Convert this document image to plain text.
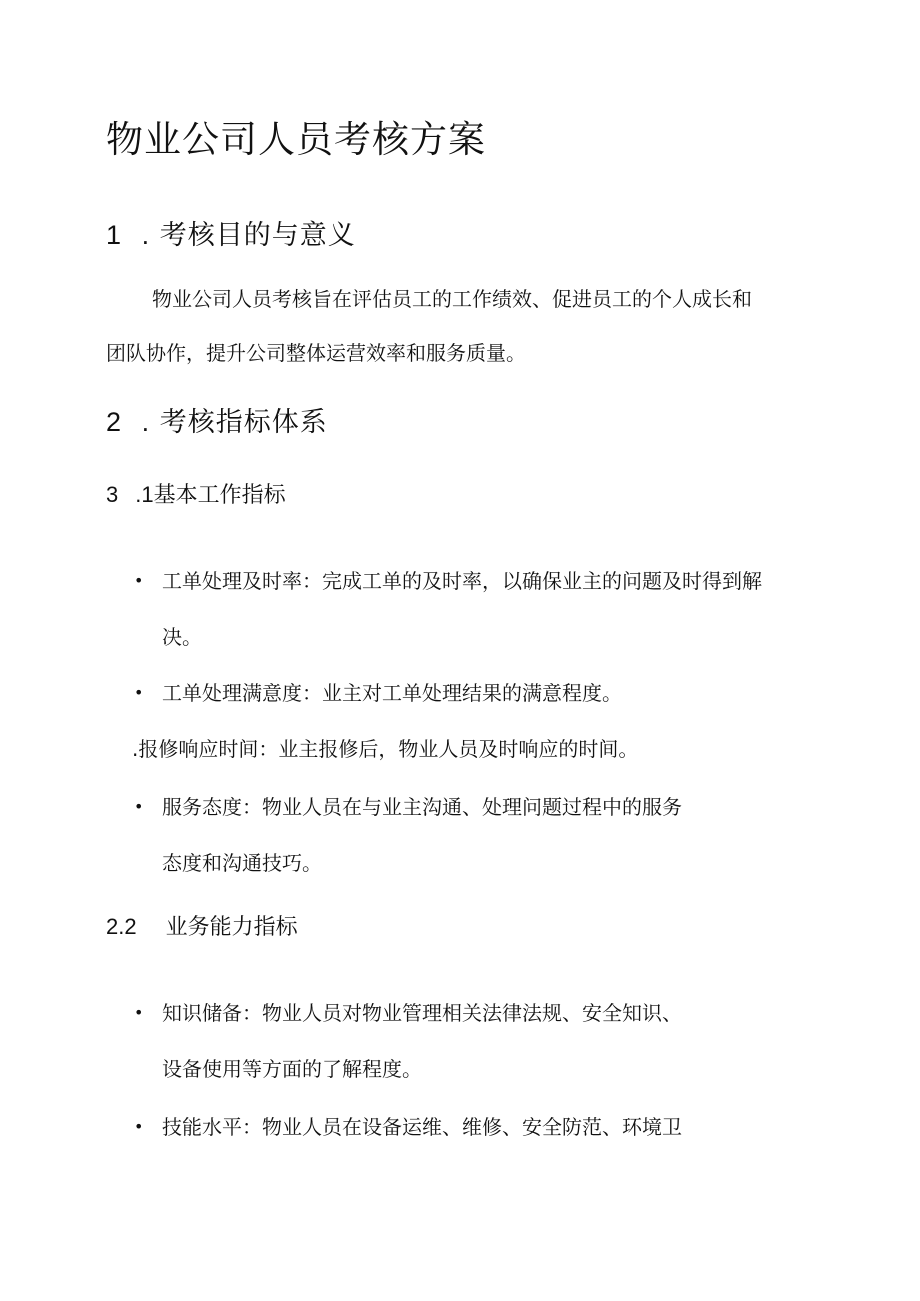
物业公司人员考核方案
1 . 考核目的与意义
物业公司人员考核旨在评估员工的工作绩效、促进员工的个人成长和
团队协作，提升公司整体运营效率和服务质量。
2 . 考核指标体系
3 .1基本工作指标
• 工单处理及时率：完成工单的及时率，以确保业主的问题及时得到解
决。
• 工单处理满意度：业主对工单处理结果的满意程度。
.报修响应时间：业主报修后，物业人员及时响应的时间。
• 服务态度：物业人员在与业主沟通、处理问题过程中的服务
态度和沟通技巧。
2.2 业务能力指标
• 知识储备：物业人员对物业管理相关法律法规、安全知识、
设备使用等方面的了解程度。
• 技能水平：物业人员在设备运维、维修、安全防范、环境卫
